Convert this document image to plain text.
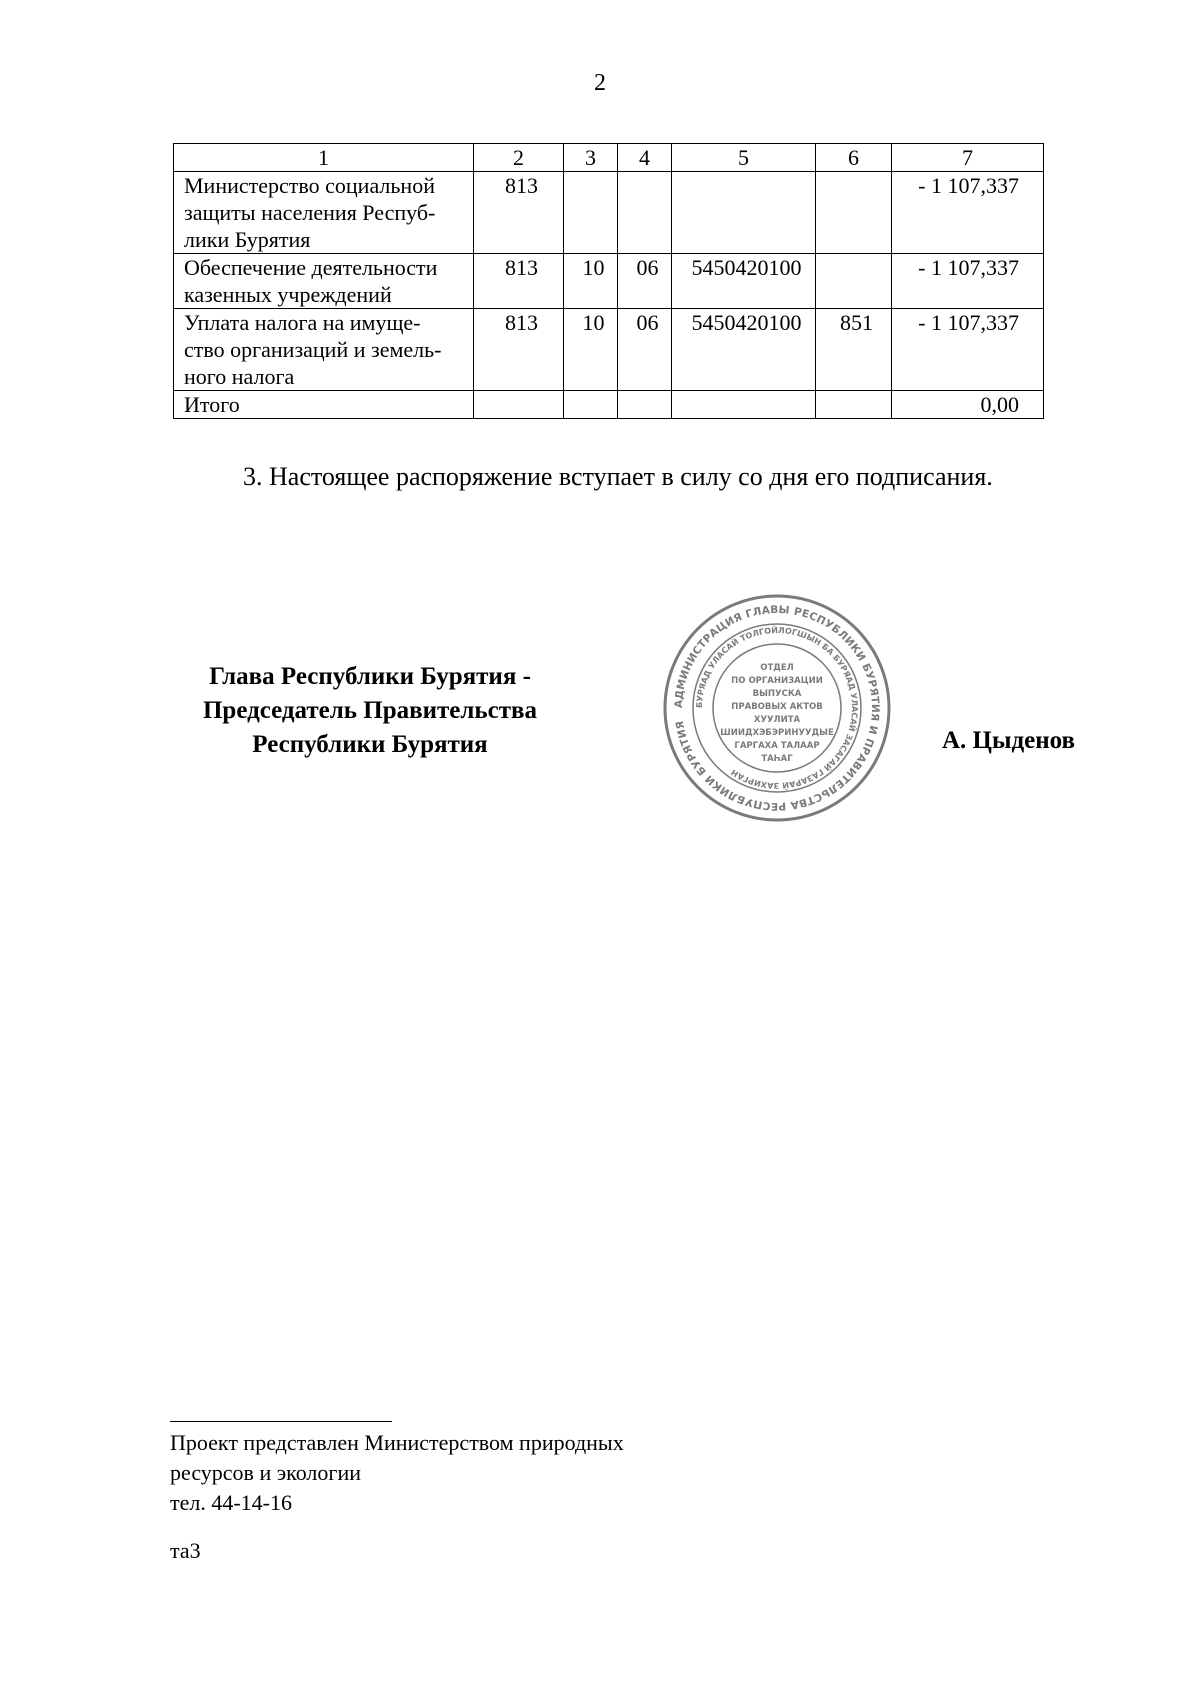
2
1	2	3	4	5	6	7

Министерство социальной
защиты населения Респуб-
лики Бурятия	813					- 1 107,337

Обеспечение деятельности
казенных учреждений	813	10	06	5450420100		- 1 107,337

Уплата налога на имуще-
ство организаций и земель-
ного налога	813	10	06	5450420100	851	- 1 107,337

Итого						0,00
3. Настоящее распоряжение вступает в силу со дня его подписания.
Глава Республики Бурятия -
Председатель Правительства
Республики Бурятия
АДМИНИСТРАЦИЯ ГЛАВЫ РЕСПУБЛИКИ БУРЯТИЯ И ПРАВИТЕЛЬСТВА РЕСПУБЛИКИ БУРЯТИЯ
БУРЯАД УЛАСАЙ ТОЛГОЙЛОГШЫН БА БУРЯАД УЛАСАЙ ЗАСАГАЙ ГАЗАРАЙ ЗАХИРГАН
ОТДЕЛ
ПО ОРГАНИЗАЦИИ
ВЫПУСКА
ПРАВОВЫХ АКТОВ
ХУУЛИТА
ШИИДХЭБЭРИНУУДЫЕ
ГАРГАХА ТАЛААР
ТАҺАГ
А. Цыденов
Проект представлен Министерством природных
ресурсов и экологии
тел. 44-14-16
та3
